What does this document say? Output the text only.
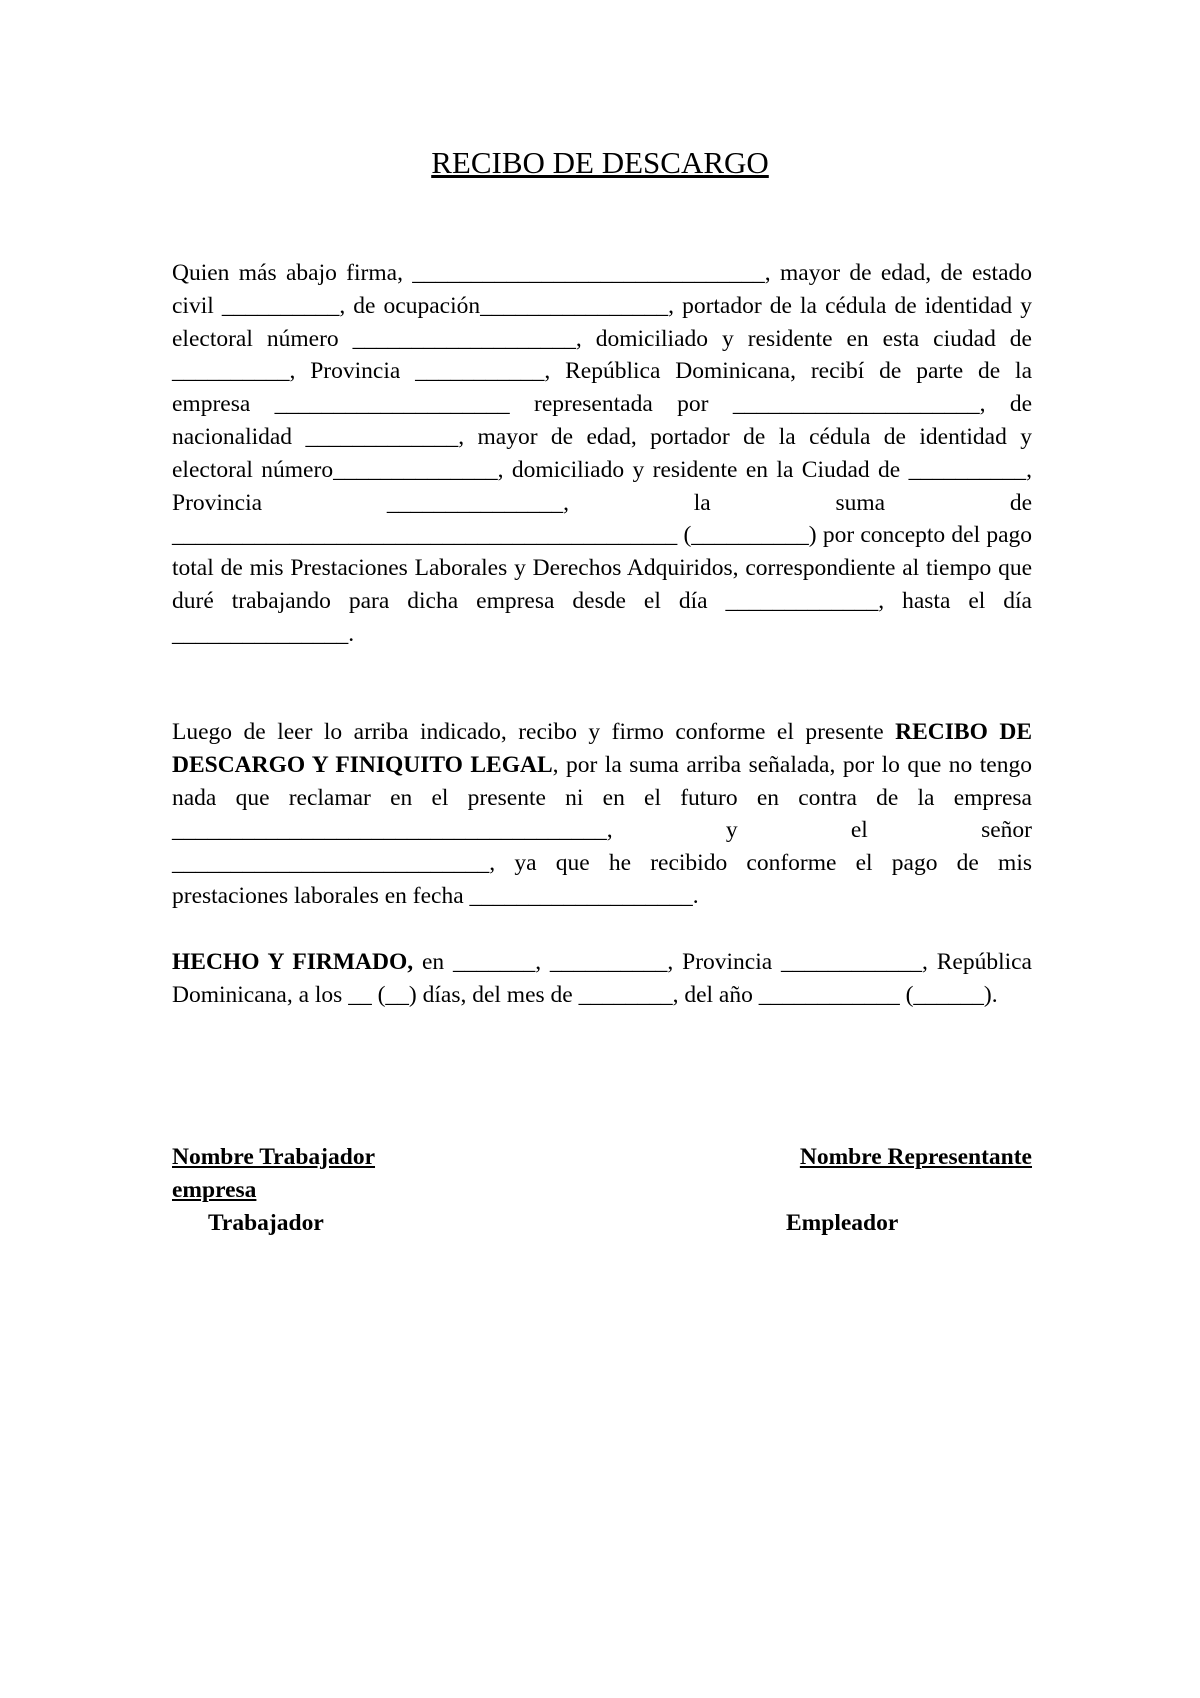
RECIBO DE DESCARGO
Quien más abajo firma, ______________________________, mayor de edad, de estado civil __________, de ocupación________________, portador de la cédula de identidad y electoral número ___________________, domiciliado y residente en esta ciudad de __________, Provincia ___________, República Dominicana, recibí de parte de la empresa ____________________ representada por _____________________, de nacionalidad _____________, mayor de edad, portador de la cédula de identidad y electoral número______________, domiciliado y residente en la Ciudad de __________, Provincia _______________, la suma de ___________________________________________ (__________) por concepto del pago total de mis Prestaciones Laborales y Derechos Adquiridos, correspondiente al tiempo que duré trabajando para dicha empresa desde el día _____________, hasta el día _______________.
Luego de leer lo arriba indicado, recibo y firmo conforme el presente RECIBO DE DESCARGO Y FINIQUITO LEGAL, por la suma arriba señalada, por lo que no tengo nada que reclamar en el presente ni en el futuro en contra de la empresa _____________________________________, y el señor ___________________________, ya que he recibido conforme el pago de mis prestaciones laborales en fecha ___________________.
HECHO Y FIRMADO, en _______, __________, Provincia ____________, República Dominicana, a los __ (__) días, del mes de ________, del año ____________ (______).
Nombre Trabajador
empresa
Nombre Representante
Trabajador	Empleador
